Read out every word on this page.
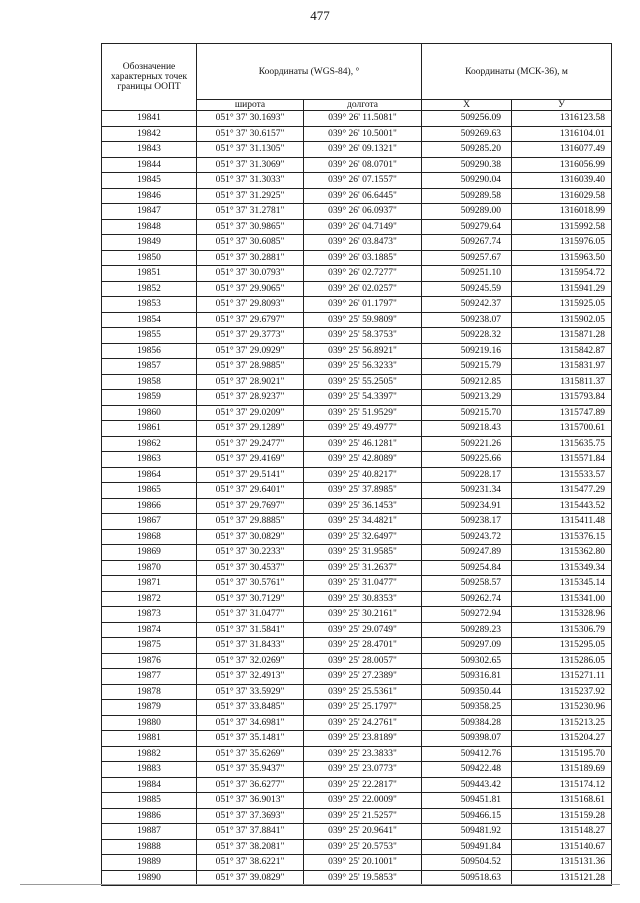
477
Обозначение характерных точек границы ООПТ	Координаты (WGS-84), °		Координаты (МСК-36), м	
	широта	долгота	X	У
19841	051° 37' 30.1693"	039° 26' 11.5081"	509256.09	1316123.58
19842	051° 37' 30.6157"	039° 26' 10.5001"	509269.63	1316104.01
19843	051° 37' 31.1305"	039° 26' 09.1321"	509285.20	1316077.49
19844	051° 37' 31.3069"	039° 26' 08.0701"	509290.38	1316056.99
19845	051° 37' 31.3033"	039° 26' 07.1557"	509290.04	1316039.40
19846	051° 37' 31.2925"	039° 26' 06.6445"	509289.58	1316029.58
19847	051° 37' 31.2781"	039° 26' 06.0937"	509289.00	1316018.99
19848	051° 37' 30.9865"	039° 26' 04.7149"	509279.64	1315992.58
19849	051° 37' 30.6085"	039° 26' 03.8473"	509267.74	1315976.05
19850	051° 37' 30.2881"	039° 26' 03.1885"	509257.67	1315963.50
19851	051° 37' 30.0793"	039° 26' 02.7277"	509251.10	1315954.72
19852	051° 37' 29.9065"	039° 26' 02.0257"	509245.59	1315941.29
19853	051° 37' 29.8093"	039° 26' 01.1797"	509242.37	1315925.05
19854	051° 37' 29.6797"	039° 25' 59.9809"	509238.07	1315902.05
19855	051° 37' 29.3773"	039° 25' 58.3753"	509228.32	1315871.28
19856	051° 37' 29.0929"	039° 25' 56.8921"	509219.16	1315842.87
19857	051° 37' 28.9885"	039° 25' 56.3233"	509215.79	1315831.97
19858	051° 37' 28.9021"	039° 25' 55.2505"	509212.85	1315811.37
19859	051° 37' 28.9237"	039° 25' 54.3397"	509213.29	1315793.84
19860	051° 37' 29.0209"	039° 25' 51.9529"	509215.70	1315747.89
19861	051° 37' 29.1289"	039° 25' 49.4977"	509218.43	1315700.61
19862	051° 37' 29.2477"	039° 25' 46.1281"	509221.26	1315635.75
19863	051° 37' 29.4169"	039° 25' 42.8089"	509225.66	1315571.84
19864	051° 37' 29.5141"	039° 25' 40.8217"	509228.17	1315533.57
19865	051° 37' 29.6401"	039° 25' 37.8985"	509231.34	1315477.29
19866	051° 37' 29.7697"	039° 25' 36.1453"	509234.91	1315443.52
19867	051° 37' 29.8885"	039° 25' 34.4821"	509238.17	1315411.48
19868	051° 37' 30.0829"	039° 25' 32.6497"	509243.72	1315376.15
19869	051° 37' 30.2233"	039° 25' 31.9585"	509247.89	1315362.80
19870	051° 37' 30.4537"	039° 25' 31.2637"	509254.84	1315349.34
19871	051° 37' 30.5761"	039° 25' 31.0477"	509258.57	1315345.14
19872	051° 37' 30.7129"	039° 25' 30.8353"	509262.74	1315341.00
19873	051° 37' 31.0477"	039° 25' 30.2161"	509272.94	1315328.96
19874	051° 37' 31.5841"	039° 25' 29.0749"	509289.23	1315306.79
19875	051° 37' 31.8433"	039° 25' 28.4701"	509297.09	1315295.05
19876	051° 37' 32.0269"	039° 25' 28.0057"	509302.65	1315286.05
19877	051° 37' 32.4913"	039° 25' 27.2389"	509316.81	1315271.11
19878	051° 37' 33.5929"	039° 25' 25.5361"	509350.44	1315237.92
19879	051° 37' 33.8485"	039° 25' 25.1797"	509358.25	1315230.96
19880	051° 37' 34.6981"	039° 25' 24.2761"	509384.28	1315213.25
19881	051° 37' 35.1481"	039° 25' 23.8189"	509398.07	1315204.27
19882	051° 37' 35.6269"	039° 25' 23.3833"	509412.76	1315195.70
19883	051° 37' 35.9437"	039° 25' 23.0773"	509422.48	1315189.69
19884	051° 37' 36.6277"	039° 25' 22.2817"	509443.42	1315174.12
19885	051° 37' 36.9013"	039° 25' 22.0009"	509451.81	1315168.61
19886	051° 37' 37.3693"	039° 25' 21.5257"	509466.15	1315159.28
19887	051° 37' 37.8841"	039° 25' 20.9641"	509481.92	1315148.27
19888	051° 37' 38.2081"	039° 25' 20.5753"	509491.84	1315140.67
19889	051° 37' 38.6221"	039° 25' 20.1001"	509504.52	1315131.36
19890	051° 37' 39.0829"	039° 25' 19.5853"	509518.63	1315121.28
